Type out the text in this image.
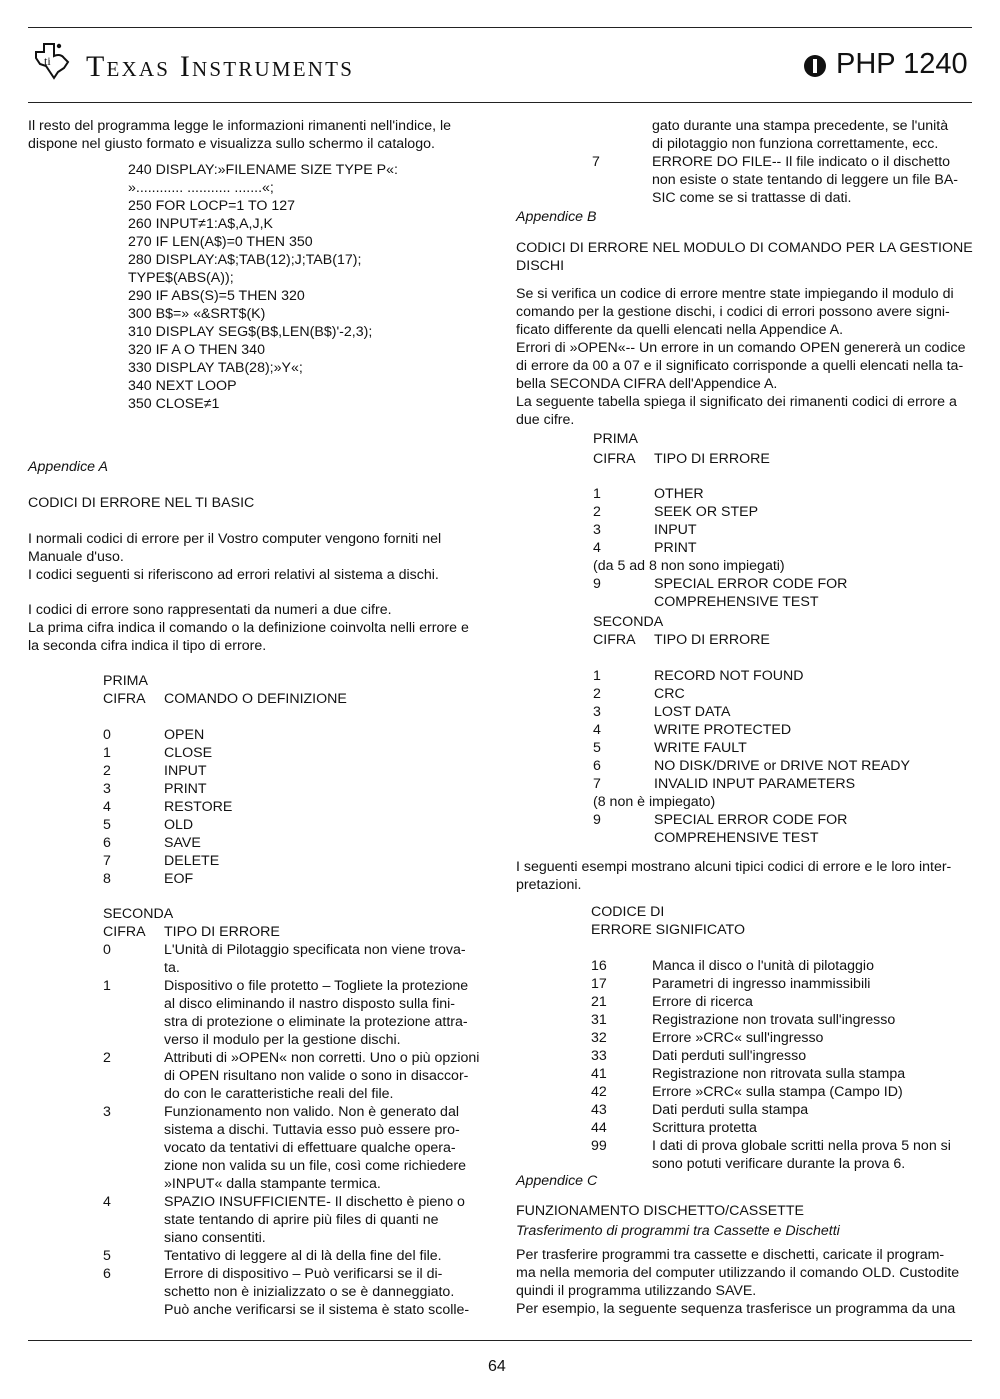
ti Texas Instruments	PHP 1240
Il resto del programma legge le informazioni rimanenti nell'indice, le
dispone nel giusto formato e visualizza sullo schermo il catalogo.
240 DISPLAY:»FILENAME SIZE TYPE P«:
»............ ........... .......«;
250 FOR LOCP=1 TO 127
260 INPUT≠1:A$,A,J,K
270 IF LEN(A$)=0 THEN 350
280 DISPLAY:A$;TAB(12);J;TAB(17);
TYPE$(ABS(A));
290 IF ABS(S)=5 THEN 320
300 B$=» «&SRT$(K)
310 DISPLAY SEG$(B$,LEN(B$)'-2,3);
320 IF A O THEN 340
330 DISPLAY TAB(28);»Y«;
340 NEXT LOOP
350 CLOSE≠1
Appendice A
CODICI DI ERRORE NEL TI BASIC
I normali codici di errore per il Vostro computer vengono forniti nel
Manuale d'uso.
I codici seguenti si riferiscono ad errori relativi al sistema a dischi.
I codici di errore sono rappresentati da numeri a due cifre.
La prima cifra indica il comando o la definizione coinvolta nelli errore e
la seconda cifra indica il tipo di errore.
PRIMA
CIFRA COMANDO O DEFINIZIONE
0	OPEN
1	CLOSE
2	INPUT
3	PRINT
4	RESTORE
5	OLD
6	SAVE
7	DELETE
8	EOF
SECONDA
CIFRA TIPO DI ERRORE
0	L'Unità di Pilotaggio specificata non viene trova-
ta.
1	Dispositivo o file protetto – Togliete la protezione
al disco eliminando il nastro disposto sulla fini-
stra di protezione o eliminate la protezione attra-
verso il modulo per la gestione dischi.
2	Attributi di »OPEN« non corretti. Uno o più opzioni
di OPEN risultano non valide o sono in disaccor-
do con le caratteristiche reali del file.
3	Funzionamento non valido. Non è generato dal
sistema a dischi. Tuttavia esso può essere pro-
vocato da tentativi di effettuare qualche opera-
zione non valida su un file, così come richiedere
»INPUT« dalla stampante termica.
4	SPAZIO INSUFFICIENTE- Il dischetto è pieno o
state tentando di aprire più files di quanti ne
siano consentiti.
5	Tentativo di leggere al di là della fine del file.
6	Errore di dispositivo – Può verificarsi se il di-
schetto non è inizializzato o se è danneggiato.
Può anche verificarsi se il sistema è stato scolle-
gato durante una stampa precedente, se l'unità
di pilotaggio non funziona correttamente, ecc.
7	ERRORE DO FILE-- Il file indicato o il dischetto
non esiste o state tentando di leggere un file BA-
SIC come se si trattasse di dati.
Appendice B
CODICI DI ERRORE NEL MODULO DI COMANDO PER LA GESTIONE
DISCHI
Se si verifica un codice di errore mentre state impiegando il modulo di
comando per la gestione dischi, i codici di errori possono avere signi-
ficato differente da quelli elencati nella Appendice A.
Errori di »OPEN«-- Un errore in un comando OPEN genererà un codice
di errore da 00 a 07 e il significato corrisponde a quelli elencati nella ta-
bella SECONDA CIFRA dell'Appendice A.
La seguente tabella spiega il significato dei rimanenti codici di errore a
due cifre.
PRIMA
CIFRA TIPO DI ERRORE
1	OTHER
2	SEEK OR STEP
3	INPUT
4	PRINT
(da 5 ad 8 non sono impiegati)
9	SPECIAL ERROR CODE FOR
COMPREHENSIVE TEST
SECONDA
CIFRA TIPO DI ERRORE
1	RECORD NOT FOUND
2	CRC
3	LOST DATA
4	WRITE PROTECTED
5	WRITE FAULT
6	NO DISK/DRIVE or DRIVE NOT READY
7	INVALID INPUT PARAMETERS
(8 non è impiegato)
9	SPECIAL ERROR CODE FOR
COMPREHENSIVE TEST
I seguenti esempi mostrano alcuni tipici codici di errore e le loro inter-
pretazioni.
CODICE DI
ERRORE SIGNIFICATO
16	Manca il disco o l'unità di pilotaggio
17	Parametri di ingresso inammissibili
21	Errore di ricerca
31	Registrazione non trovata sull'ingresso
32	Errore »CRC« sull'ingresso
33	Dati perduti sull'ingresso
41	Registrazione non ritrovata sulla stampa
42	Errore »CRC« sulla stampa (Campo ID)
43	Dati perduti sulla stampa
44	Scrittura protetta
99	I dati di prova globale scritti nella prova 5 non si
sono potuti verificare durante la prova 6.
Appendice C
FUNZIONAMENTO DISCHETTO/CASSETTE
Trasferimento di programmi tra Cassette e Dischetti
Per trasferire programmi tra cassette e dischetti, caricate il program-
ma nella memoria del computer utilizzando il comando OLD. Custodite
quindi il programma utilizzando SAVE.
Per esempio, la seguente sequenza trasferisce un programma da una
64
